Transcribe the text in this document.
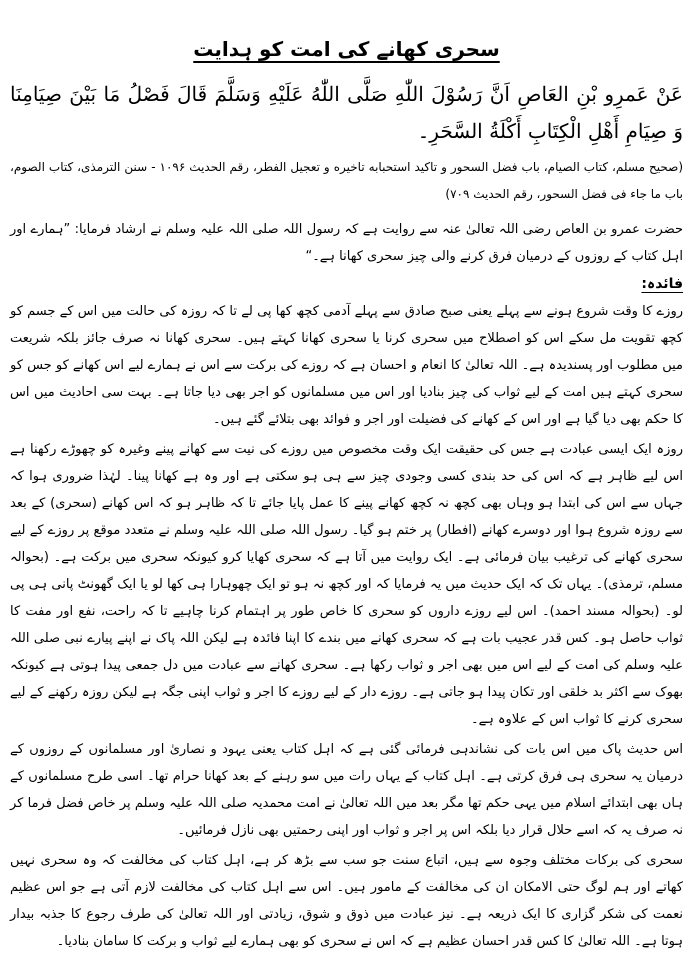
سحری کھانے کی امت کو ہدایت
عَنْ عَمرِو بْنِ العَاصِ اَنَّ رَسُوْلَ اللّٰهِ صَلَّى اللّٰهُ عَلَيْهِ وَسَلَّمَ قَالَ فَصْلُ مَا بَيْنَ صِيَامِنَا وَ صِيَامِ أَهْلِ الْكِتَابِ أَكْلَةُ السَّحَرِ۔
(صحیح مسلم، کتاب الصیام، باب فضل السحور و تاکید استحبابه تاخیره و تعجیل الفطر، رقم الحدیث ۱۰۹۶ - سنن الترمذی، کتاب الصوم، باب ما جاء فی فضل السحور، رقم الحدیث ۷۰۹)
حضرت عمرو بن العاص رضی اللہ تعالیٰ عنہ سے روایت ہے کہ رسول اللہ صلی اللہ علیہ وسلم نے ارشاد فرمایا: ”ہمارے اور اہل کتاب کے روزوں کے درمیان فرق کرنے والی چیز سحری کھانا ہے۔“
فائدہ:
روزے کا وقت شروع ہونے سے پہلے یعنی صبح صادق سے پہلے آدمی کچھ کھا پی لے تا کہ روزہ کی حالت میں اس کے جسم کو کچھ تقویت مل سکے اس کو اصطلاح میں سحری کرنا یا سحری کھانا کہتے ہیں۔ سحری کھانا نہ صرف جائز بلکہ شریعت میں مطلوب اور پسندیدہ ہے۔ اللہ تعالیٰ کا انعام و احسان ہے کہ روزے کی برکت سے اس نے ہمارے لیے اس کھانے کو جس کو سحری کہتے ہیں امت کے لیے ثواب کی چیز بنادیا اور اس میں مسلمانوں کو اجر بھی دیا جاتا ہے۔ بہت سی احادیث میں اس کا حکم بھی دیا گیا ہے اور اس کے کھانے کی فضیلت اور اجر و فوائد بھی بتلائے گئے ہیں۔
روزہ ایک ایسی عبادت ہے جس کی حقیقت ایک وقت مخصوص میں روزے کی نیت سے کھانے پینے وغیرہ کو چھوڑے رکھنا ہے اس لیے ظاہر ہے کہ اس کی حد بندی کسی وجودی چیز سے ہی ہو سکتی ہے اور وہ ہے کھانا پینا۔ لہٰذا ضروری ہوا کہ جہاں سے اس کی ابتدا ہو وہاں بھی کچھ نہ کچھ کھانے پینے کا عمل پایا جائے تا کہ ظاہر ہو کہ اس کھانے (سحری) کے بعد سے روزہ شروع ہوا اور دوسرے کھانے (افطار) پر ختم ہو گیا۔ رسول اللہ صلی اللہ علیہ وسلم نے متعدد موقع پر روزے کے لیے سحری کھانے کی ترغیب بیان فرمائی ہے۔ ایک روایت میں آتا ہے کہ سحری کھایا کرو کیونکہ سحری میں برکت ہے۔ (بحوالہ مسلم، ترمذی)۔ یہاں تک کہ ایک حدیث میں یہ فرمایا کہ اور کچھ نہ ہو تو ایک چھوہارا ہی کھا لو یا ایک گھونٹ پانی ہی پی لو۔ (بحوالہ مسند احمد)۔ اس لیے روزے داروں کو سحری کا خاص طور پر اہتمام کرنا چاہیے تا کہ راحت، نفع اور مفت کا ثواب حاصل ہو۔ کس قدر عجیب بات ہے کہ سحری کھانے میں بندے کا اپنا فائدہ ہے لیکن اللہ پاک نے اپنے پیارے نبی صلی اللہ علیہ وسلم کی امت کے لیے اس میں بھی اجر و ثواب رکھا ہے۔ سحری کھانے سے عبادت میں دل جمعی پیدا ہوتی ہے کیونکہ بھوک سے اکثر بد خلقی اور تکان پیدا ہو جاتی ہے۔ روزے دار کے لیے روزے کا اجر و ثواب اپنی جگہ ہے لیکن روزہ رکھنے کے لیے سحری کرنے کا ثواب اس کے علاوہ ہے۔
اس حدیث پاک میں اس بات کی نشاندہی فرمائی گئی ہے کہ اہل کتاب یعنی یہود و نصاریٰ اور مسلمانوں کے روزوں کے درمیان یہ سحری ہی فرق کرتی ہے۔ اہل کتاب کے یہاں رات میں سو رہنے کے بعد کھانا حرام تھا۔ اسی طرح مسلمانوں کے ہاں بھی ابتدائے اسلام میں یہی حکم تھا مگر بعد میں اللہ تعالیٰ نے امت محمدیہ صلی اللہ علیہ وسلم پر خاص فضل فرما کر نہ صرف یہ کہ اسے حلال قرار دیا بلکہ اس پر اجر و ثواب اور اپنی رحمتیں بھی نازل فرمائیں۔
سحری کی برکات مختلف وجوہ سے ہیں، اتباع سنت جو سب سے بڑھ کر ہے، اہل کتاب کی مخالفت کہ وہ سحری نہیں کھاتے اور ہم لوگ حتی الامکان ان کی مخالفت کے مامور ہیں۔ اس سے اہل کتاب کی مخالفت لازم آتی ہے جو اس عظیم نعمت کی شکر گزاری کا ایک ذریعہ ہے۔ نیز عبادت میں ذوق و شوق، زیادتی اور اللہ تعالیٰ کی طرف رجوع کا جذبہ بیدار ہوتا ہے۔ اللہ تعالیٰ کا کس قدر احسان عظیم ہے کہ اس نے سحری کو بھی ہمارے لیے ثواب و برکت کا سامان بنادیا۔
